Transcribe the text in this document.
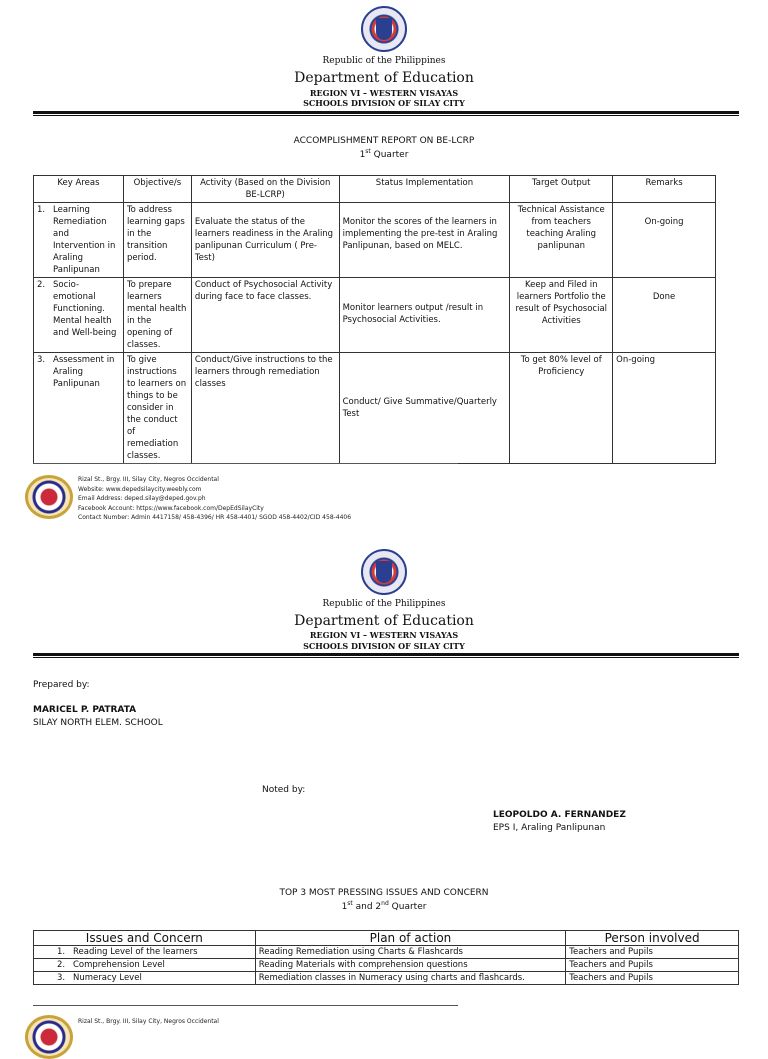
Republic of the Philippines
Department of Education
REGION VI – WESTERN VISAYAS
SCHOOLS DIVISION OF SILAY CITY
ACCOMPLISHMENT REPORT ON BE-LCRP
1st Quarter
Key Areas	Objective/s	Activity (Based on the Division BE-LCRP)	Status Implementation	Target Output	Remarks

1. Learning Remediation and Intervention in Araling Panlipunan	To address learning gaps in the transition period.	Evaluate the status of the learners readiness in the Araling panlipunan Curriculum ( Pre-Test)	Monitor the scores of the learners in implementing the pre-test in Araling Panlipunan, based on MELC.	Technical Assistance from teachers teaching Araling panlipunan	On-going

2. Socio-emotional Functioning. Mental health and Well-being	To prepare learners mental health in the opening of classes.	Conduct of Psychosocial Activity during face to face classes.	Monitor learners output /result in Psychosocial Activities.	Keep and Filed in learners Portfolio the result of Psychosocial Activities	Done

3. Assessment in Araling Panlipunan	To give instructions to learners on things to be consider in the conduct of remediation classes.	Conduct/Give instructions to the learners through remediation classes	Conduct/ Give Summative/Quarterly Test	To get 80% level of Proficiency	On-going
Rizal St., Brgy. III, Silay City, Negros Occidental
Website: www.depedsilaycity.weebly.com
Email Address: deped.silay@deped.gov.ph
Facebook Account: https://www.facebook.com/DepEdSilayCity
Contact Number: Admin 4417158/ 458-4396/ HR 458-4401/ SGOD 458-4402/CID 458-4406
Republic of the Philippines
Department of Education
REGION VI – WESTERN VISAYAS
SCHOOLS DIVISION OF SILAY CITY
Prepared by:
MARICEL P. PATRATA
SILAY NORTH ELEM. SCHOOL
Noted by:
LEOPOLDO A. FERNANDEZ
EPS I, Araling Panlipunan
TOP 3 MOST PRESSING ISSUES AND CONCERN
1st and 2nd Quarter
Issues and Concern	Plan of action	Person involved
1. Reading Level of the learners	Reading Remediation using Charts & Flashcards	Teachers and Pupils
2. Comprehension Level	Reading Materials with comprehension questions	Teachers and Pupils
3. Numeracy Level	Remediation classes in Numeracy using charts and flashcards.	Teachers and Pupils
Rizal St., Brgy. III, Silay City, Negros Occidental
